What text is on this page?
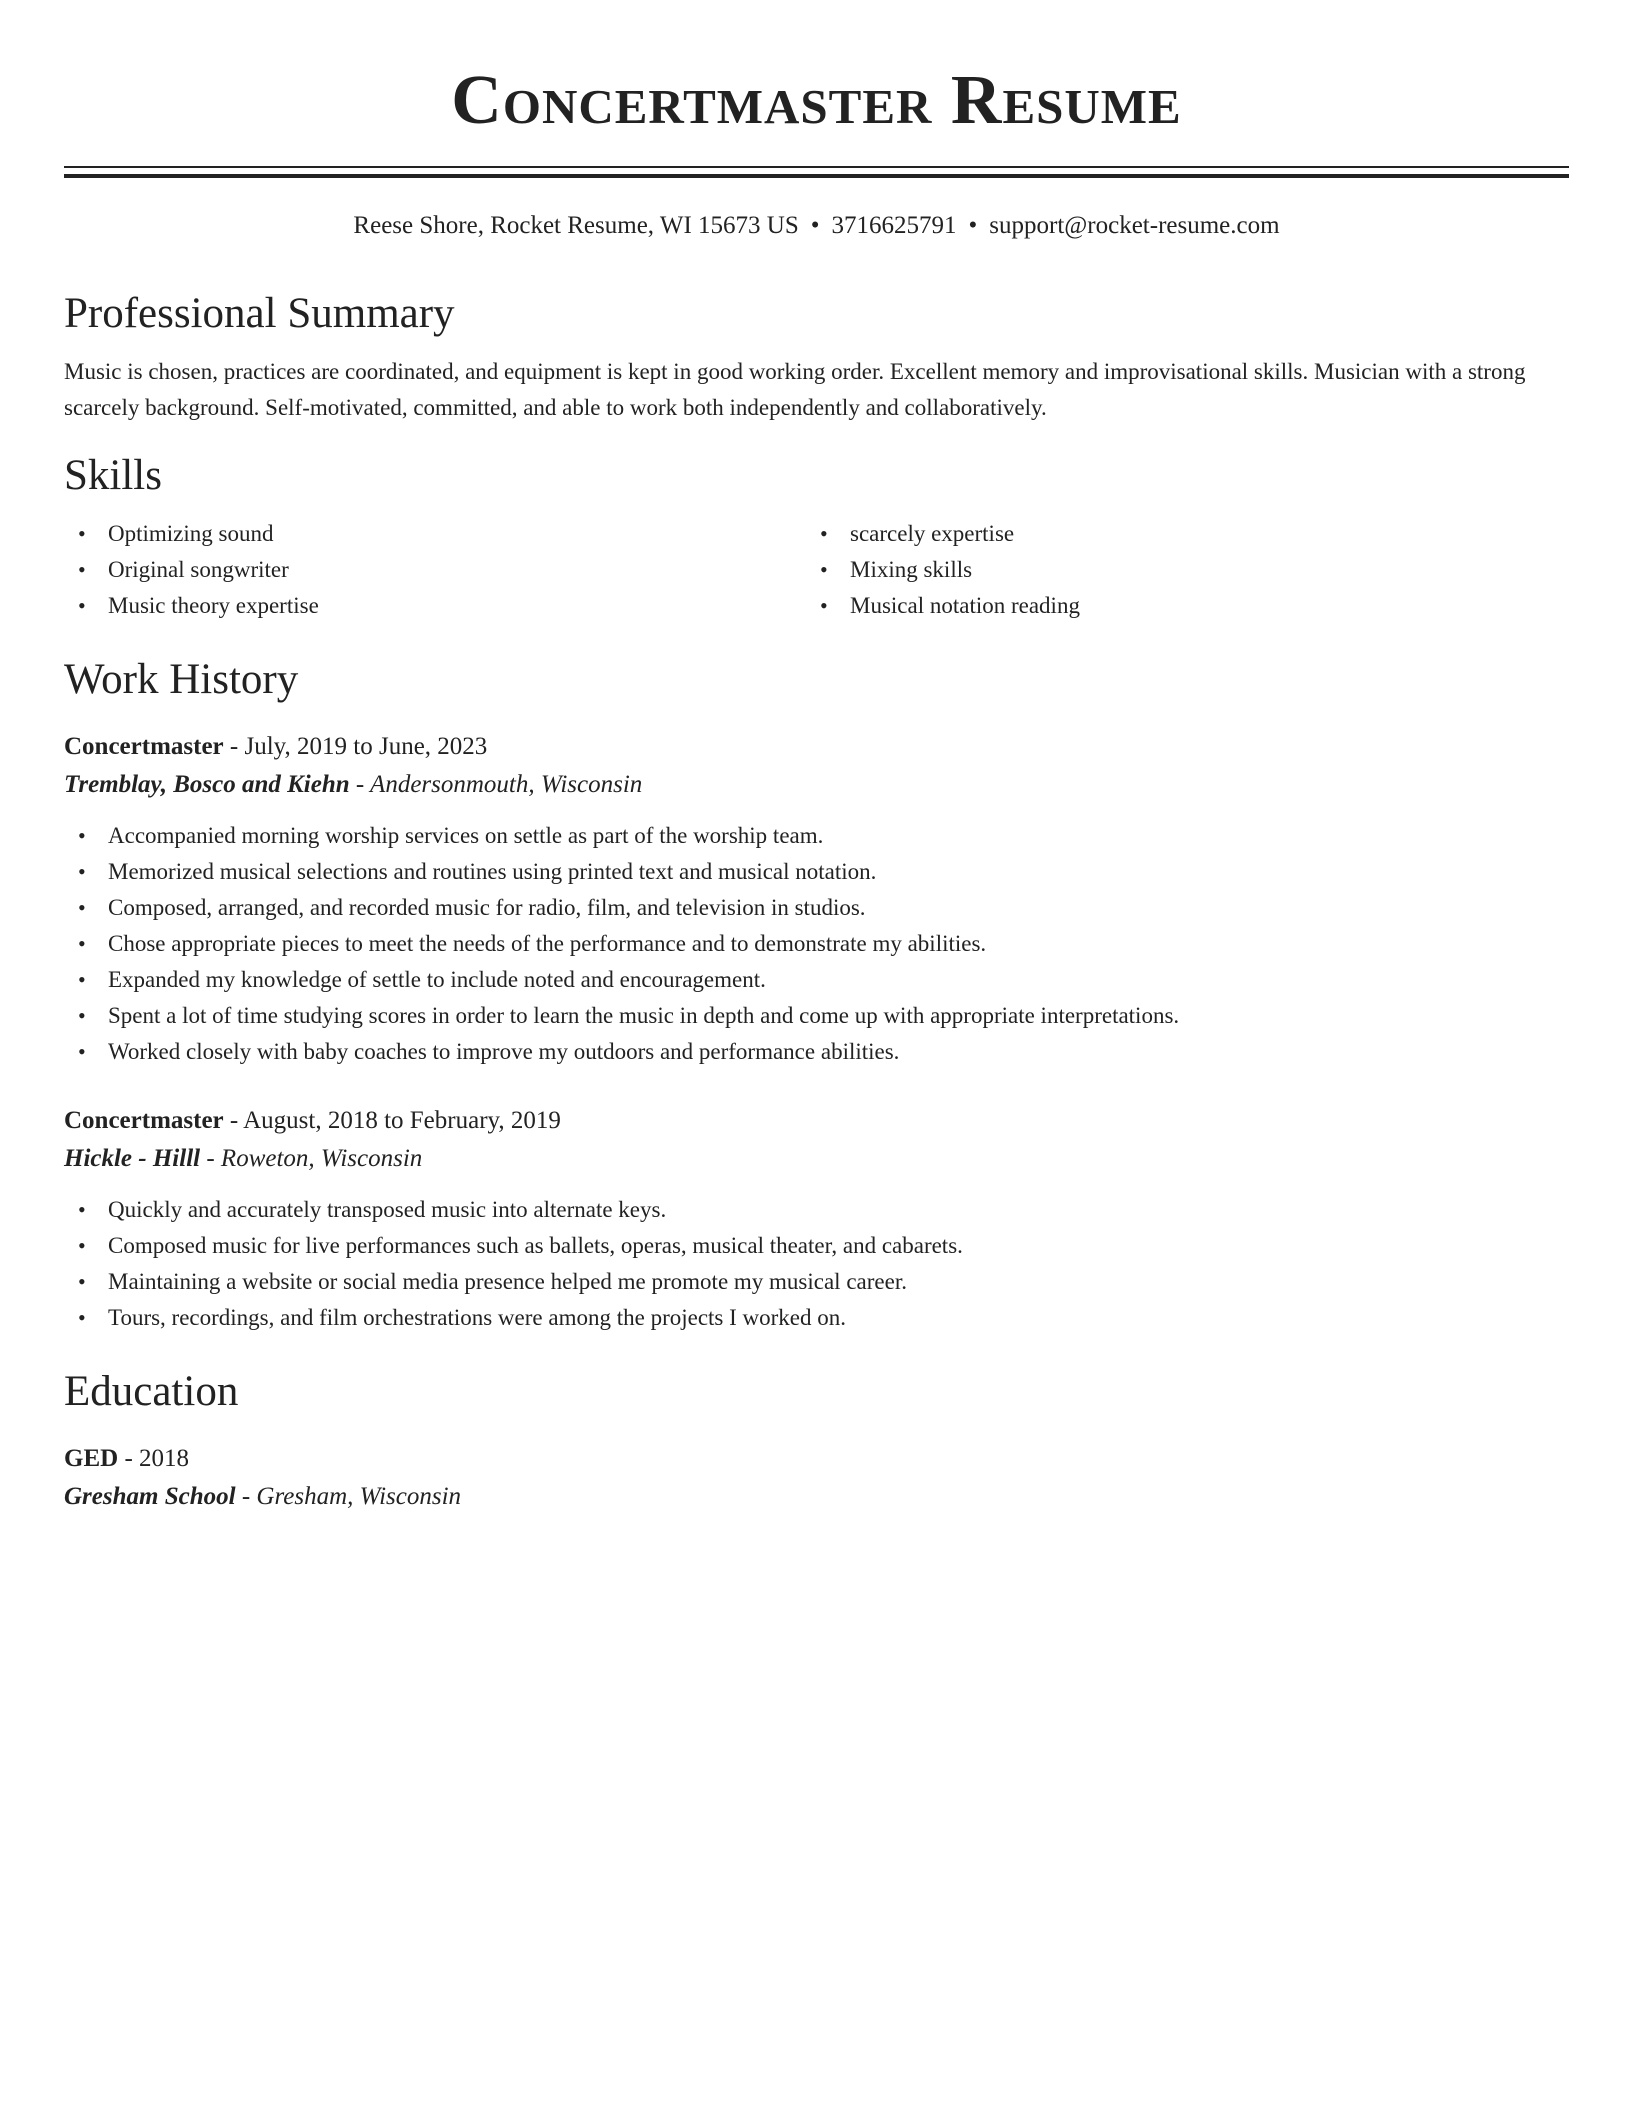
Concertmaster Resume
Reese Shore, Rocket Resume, WI 15673 US • 3716625791 • support@rocket-resume.com
Professional Summary
Music is chosen, practices are coordinated, and equipment is kept in good working order. Excellent memory and improvisational skills. Musician with a strong scarcely background. Self-motivated, committed, and able to work both independently and collaboratively.
Skills
• Optimizing sound
• Original songwriter
• Music theory expertise
• scarcely expertise
• Mixing skills
• Musical notation reading
Work History
Concertmaster - July, 2019 to June, 2023
Tremblay, Bosco and Kiehn - Andersonmouth, Wisconsin
• Accompanied morning worship services on settle as part of the worship team.
• Memorized musical selections and routines using printed text and musical notation.
• Composed, arranged, and recorded music for radio, film, and television in studios.
• Chose appropriate pieces to meet the needs of the performance and to demonstrate my abilities.
• Expanded my knowledge of settle to include noted and encouragement.
• Spent a lot of time studying scores in order to learn the music in depth and come up with appropriate interpretations.
• Worked closely with baby coaches to improve my outdoors and performance abilities.
Concertmaster - August, 2018 to February, 2019
Hickle - Hilll - Roweton, Wisconsin
• Quickly and accurately transposed music into alternate keys.
• Composed music for live performances such as ballets, operas, musical theater, and cabarets.
• Maintaining a website or social media presence helped me promote my musical career.
• Tours, recordings, and film orchestrations were among the projects I worked on.
Education
GED - 2018
Gresham School - Gresham, Wisconsin
